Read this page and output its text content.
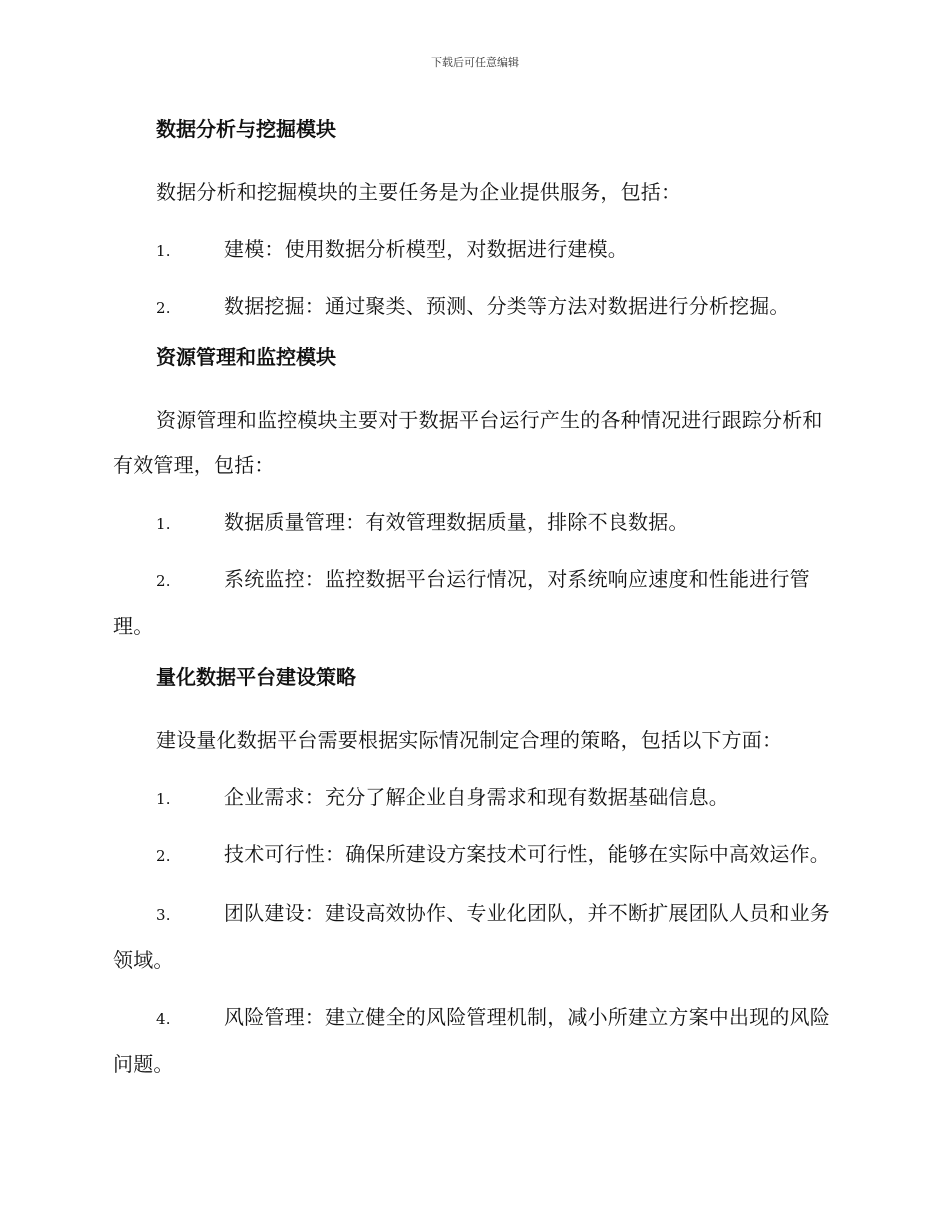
下载后可任意编辑
数据分析与挖掘模块

数据分析和挖掘模块的主要任务是为企业提供服务，包括：

1.	建模：使用数据分析模型，对数据进行建模。

2.	数据挖掘：通过聚类、预测、分类等方法对数据进行分析挖掘。

资源管理和监控模块

资源管理和监控模块主要对于数据平台运行产生的各种情况进行跟踪分析和有效管理，包括：

1.	数据质量管理：有效管理数据质量，排除不良数据。

2.	系统监控：监控数据平台运行情况，对系统响应速度和性能进行管理。

量化数据平台建设策略

建设量化数据平台需要根据实际情况制定合理的策略，包括以下方面：

1.	企业需求：充分了解企业自身需求和现有数据基础信息。

2.	技术可行性：确保所建设方案技术可行性，能够在实际中高效运作。

3.	团队建设：建设高效协作、专业化团队，并不断扩展团队人员和业务领域。

4.	风险管理：建立健全的风险管理机制，减小所建立方案中出现的风险问题。
